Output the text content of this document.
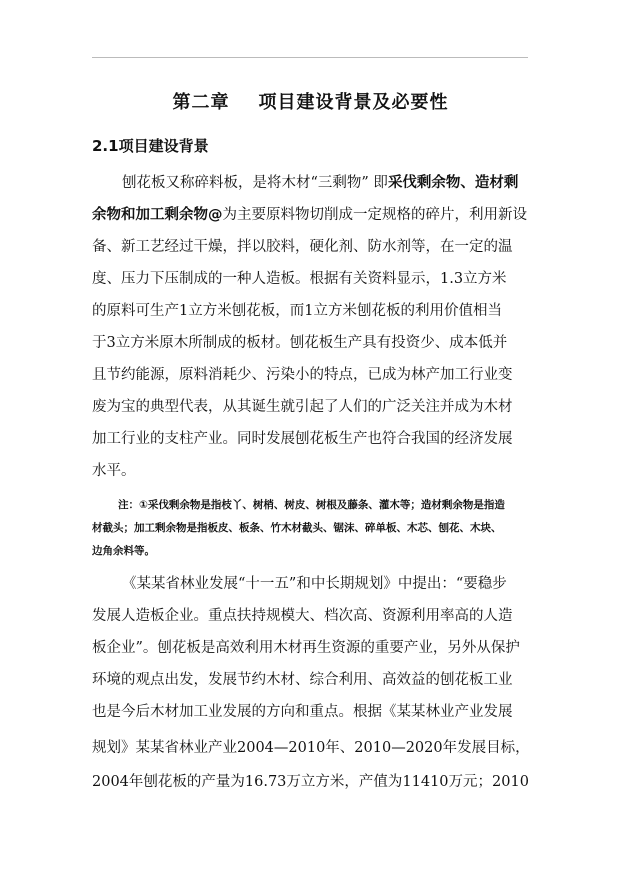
第二章    项目建设背景及必要性
2.1项目建设背景
刨花板又称碎料板，是将木材“三剩物” 即采伐剩余物、造材剩
余物和加工剩余物@为主要原料物切削成一定规格的碎片，利用新设
备、新工艺经过干燥，拌以胶料，硬化剂、防水剂等，在一定的温
度、压力下压制成的一种人造板。根据有关资料显示，1.3立方米
的原料可生产1立方米刨花板，而1立方米刨花板的利用价值相当
于3立方米原木所制成的板材。刨花板生产具有投资少、成本低并
且节约能源，原料消耗少、污染小的特点，已成为林产加工行业变
废为宝的典型代表，从其诞生就引起了人们的广泛关注并成为木材
加工行业的支柱产业。同时发展刨花板生产也符合我国的经济发展
水平。
注：①采伐剩余物是指枝丫、树梢、树皮、树根及藤条、灌木等；造材剩余物是指造
材截头；加工剩余物是指板皮、板条、竹木材截头、锯沫、碎单板、木芯、刨花、木块、
边角余料等。
《某某省林业发展“十一五”和中长期规划》中提出：“要稳步
发展人造板企业。重点扶持规模大、档次高、资源利用率高的人造
板企业”。刨花板是高效利用木材再生资源的重要产业，另外从保护
环境的观点出发，发展节约木材、综合利用、高效益的刨花板工业
也是今后木材加工业发展的方向和重点。根据《某某林业产业发展
规划》某某省林业产业2004—2010年、2010—2020年发展目标，
2004年刨花板的产量为16.73万立方米，产值为11410万元；2010
